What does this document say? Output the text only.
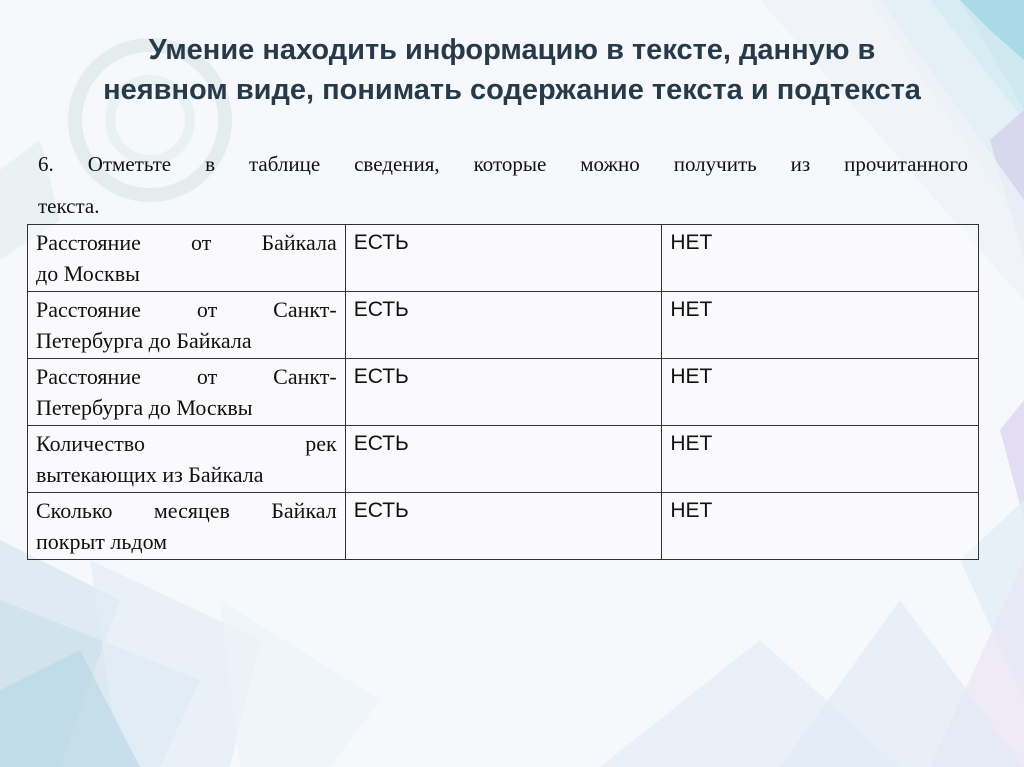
Умение находить информацию в тексте, данную в
неявном виде, понимать содержание текста и подтекста
6. Отметьте в таблице сведения, которые можно получить из прочитанного
текста.
Расстояние от Байкала
до Москвы	ЕСТЬ	НЕТ

Расстояние от Санкт-
Петербурга до Байкала	ЕСТЬ	НЕТ

Расстояние от Санкт-
Петербурга до Москвы	ЕСТЬ	НЕТ

Количество рек
вытекающих из Байкала	ЕСТЬ	НЕТ

Сколько месяцев Байкал
покрыт льдом	ЕСТЬ	НЕТ
